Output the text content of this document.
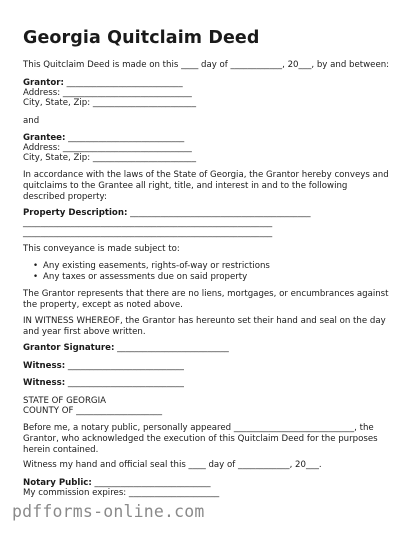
Georgia Quitclaim Deed
This Quitclaim Deed is made on this ____ day of ____________, 20___, by and between:
Grantor: ___________________________
Address: ______________________________
City, State, Zip: ________________________
and
Grantee: ___________________________
Address: ______________________________
City, State, Zip: ________________________
In accordance with the laws of the State of Georgia, the Grantor hereby conveys and quitclaims to the Grantee all right, title, and interest in and to the following described property:
Property Description: __________________________________________
__________________________________________________________
__________________________________________________________
This conveyance is made subject to:
• Any existing easements, rights-of-way or restrictions
• Any taxes or assessments due on said property
The Grantor represents that there are no liens, mortgages, or encumbrances against the property, except as noted above.
IN WITNESS WHEREOF, the Grantor has hereunto set their hand and seal on the day and year first above written.
Grantor Signature: __________________________
Witness: ___________________________
Witness: ___________________________
STATE OF GEORGIA
COUNTY OF ____________________
Before me, a notary public, personally appeared ____________________________, the Grantor, who acknowledged the execution of this Quitclaim Deed for the purposes herein contained.
Witness my hand and official seal this ____ day of ____________, 20___.
Notary Public: ___________________________
My commission expires: _____________________
pdfforms-online.com
